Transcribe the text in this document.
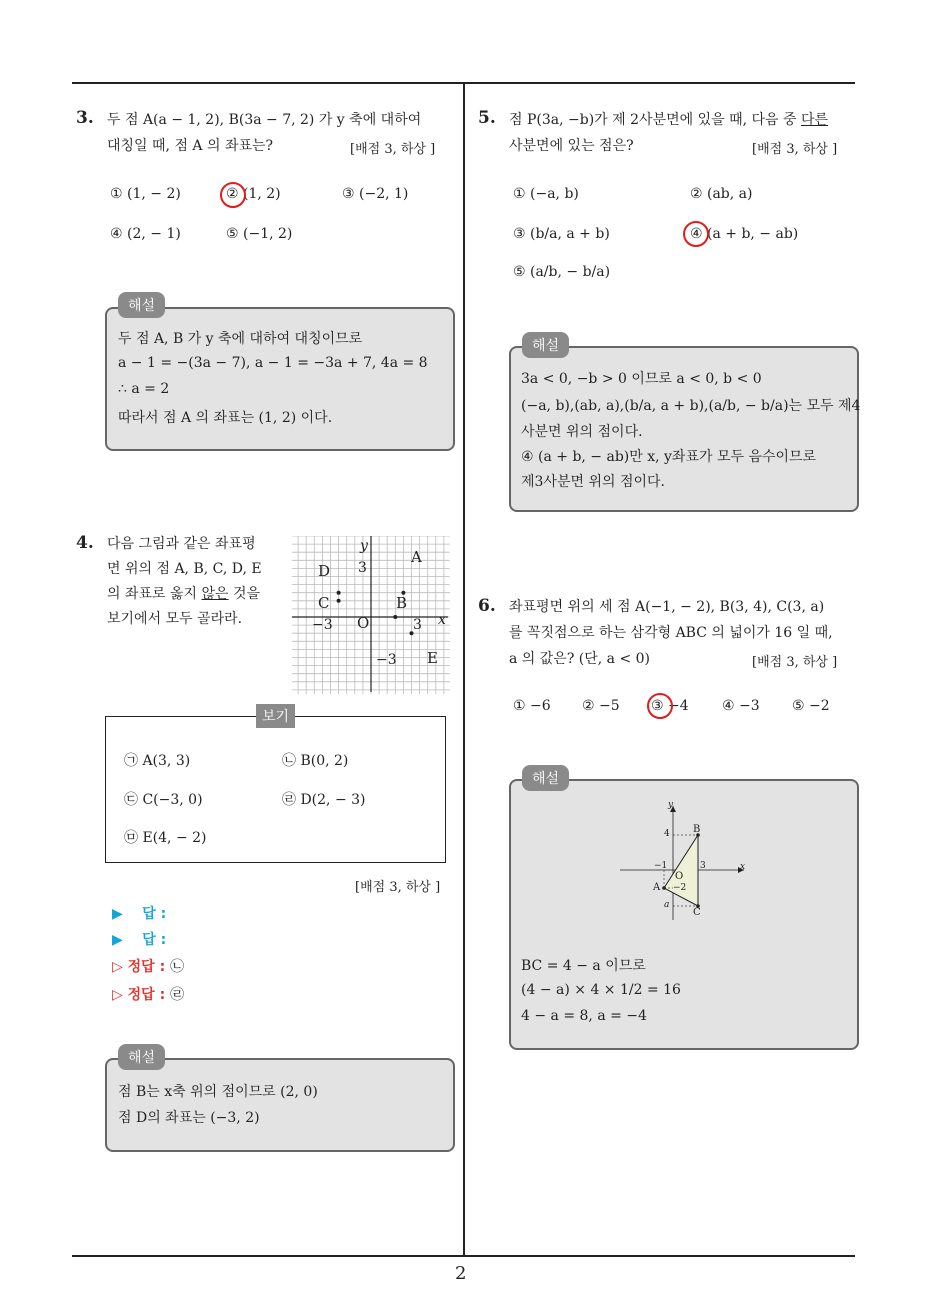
2
3. 두 점 A(a − 1, 2), B(3a − 7, 2) 가 y 축에 대하여
대칭일 때, 점 A 의 좌표는?	[배점 3, 하상 ]
① (1, − 2)	② (1, 2)	③ (−2, 1)
④ (2, − 1)	⑤ (−1, 2)
해설
두 점 A, B 가 y 축에 대하여 대칭이므로
a − 1 = −(3a − 7), a − 1 = −3a + 7, 4a = 8
∴ a = 2
따라서 점 A 의 좌표는 (1, 2) 이다.
4. 다음 그림과 같은 좌표평
면 위의 점 A, B, C, D, E
의 좌표로 옳지 않은 것을
보기에서 모두 골라라.
y
x
O
3
−3	3
−3
A
B
C
D
E
보기
㉠ A(3, 3)	㉡ B(0, 2)
㉢ C(−3, 0)	㉣ D(2, − 3)
㉤ E(4, − 2)
[배점 3, 하상 ]
▶ 답 :
▶ 답 :
▷ 정답 : ㉡
▷ 정답 : ㉣
해설
점 B는 x축 위의 점이므로 (2, 0)
점 D의 좌표는 (−3, 2)
5. 점 P(3a, −b)가 제 2사분면에 있을 때, 다음 중 다른
사분면에 있는 점은?	[배점 3, 하상 ]
① (−a, b)	② (ab, a)
③ (b/a, a + b)	④ (a + b, − ab)
⑤ (a/b, − b/a)
해설
3a < 0, −b > 0 이므로 a < 0, b < 0
(−a, b),(ab, a),(b/a, a + b),(a/b, − b/a)는 모두 제4
사분면 위의 점이다.
④ (a + b, − ab)만 x, y좌표가 모두 음수이므로
제3사분면 위의 점이다.
6. 좌표평면 위의 세 점 A(−1, − 2), B(3, 4), C(3, a)
를 꼭짓점으로 하는 삼각형 ABC 의 넓이가 16 일 때,
a 의 값은? (단, a < 0)	[배점 3, 하상 ]
① −6 ② −5 ③ −4 ④ −3 ⑤ −2
해설
y
x
B
A
C
O
4
−1	3
−2
a
BC = 4 − a 이므로
(4 − a) × 4 × 1/2 = 16
4 − a = 8, a = −4
